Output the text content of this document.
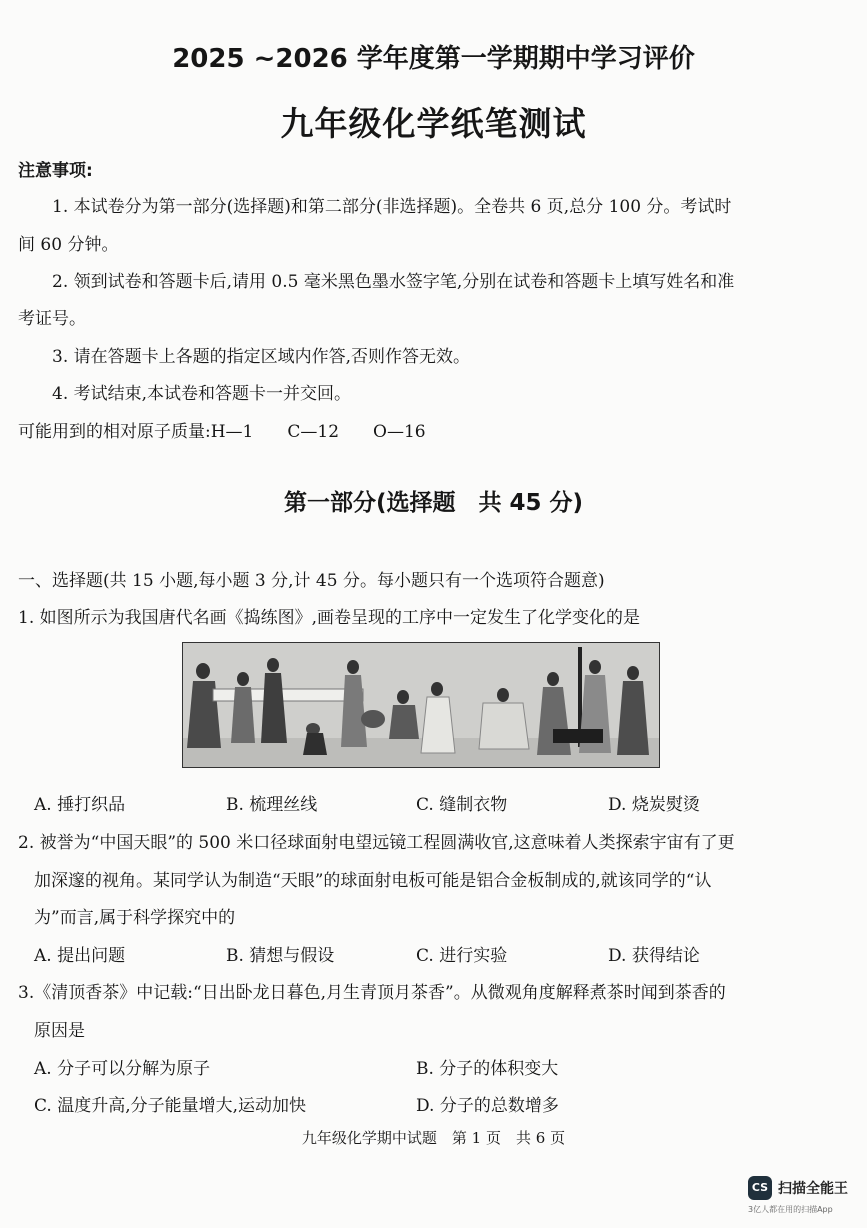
2025 ~2026 学年度第一学期期中学习评价
九年级化学纸笔测试
注意事项:
1. 本试卷分为第一部分(选择题)和第二部分(非选择题)。全卷共 6 页,总分 100 分。考试时
间 60 分钟。
2. 领到试卷和答题卡后,请用 0.5 毫米黑色墨水签字笔,分别在试卷和答题卡上填写姓名和准
考证号。
3. 请在答题卡上各题的指定区域内作答,否则作答无效。
4. 考试结束,本试卷和答题卡一并交回。
可能用到的相对原子质量:H—1　　C—12　　O—16
第一部分(选择题　共 45 分)
一、选择题(共 15 小题,每小题 3 分,计 45 分。每小题只有一个选项符合题意)
1. 如图所示为我国唐代名画《捣练图》,画卷呈现的工序中一定发生了化学变化的是
A. 捶打织品	B. 梳理丝线	C. 缝制衣物	D. 烧炭熨烫
2. 被誉为“中国天眼”的 500 米口径球面射电望远镜工程圆满收官,这意味着人类探索宇宙有了更
加深邃的视角。某同学认为制造“天眼”的球面射电板可能是铝合金板制成的,就该同学的“认
为”而言,属于科学探究中的
A. 提出问题	B. 猜想与假设	C. 进行实验	D. 获得结论
3.《清顶香茶》中记载:“日出卧龙日暮色,月生青顶月茶香”。从微观角度解释煮茶时闻到茶香的
原因是
A. 分子可以分解为原子	B. 分子的体积变大
C. 温度升高,分子能量增大,运动加快	D. 分子的总数增多
九年级化学期中试题　第 1 页　共 6 页
CS 扫描全能王
3亿人都在用的扫描App
